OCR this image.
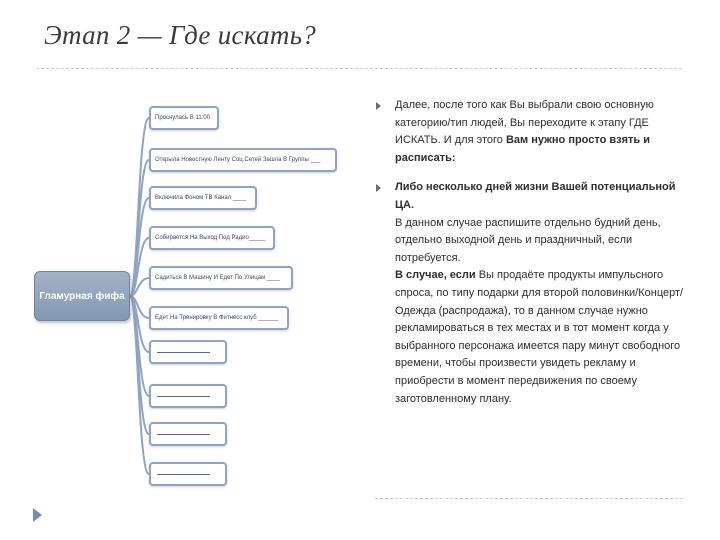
Этап 2 — Где искать?
Гламурная фифа
Проснулась В 11:00
Открыла Новостную Ленту Соц.Сетей Зашла В Группы ___
Включила Фоном ТВ Канал ____
Собирается На Выход Под Радио_____
Садиться В Машину И Едет По Улицам ____
Едет На Тренировку В Фитнесс клуб ______

Далее, после того как Вы выбрали свою основную категорию/тип людей, Вы переходите к этапу ГДЕ ИСКАТЬ. И для этого Вам нужно просто взять и расписать:

Либо несколько дней жизни Вашей потенциальной ЦА.

В данном случае распишите отдельно будний день, отдельно выходной день и праздничный, если потребуется.

В случае, если Вы продаёте продукты импульсного спроса, по типу подарки для второй половинки/Концерт/Одежда (распродажа), то в данном случае нужно рекламироваться в тех местах и в тот момент когда у выбранного персонажа имеется пару минут свободного времени, чтобы произвести увидеть рекламу и приобрести в момент передвижения по своему заготовленному плану.
